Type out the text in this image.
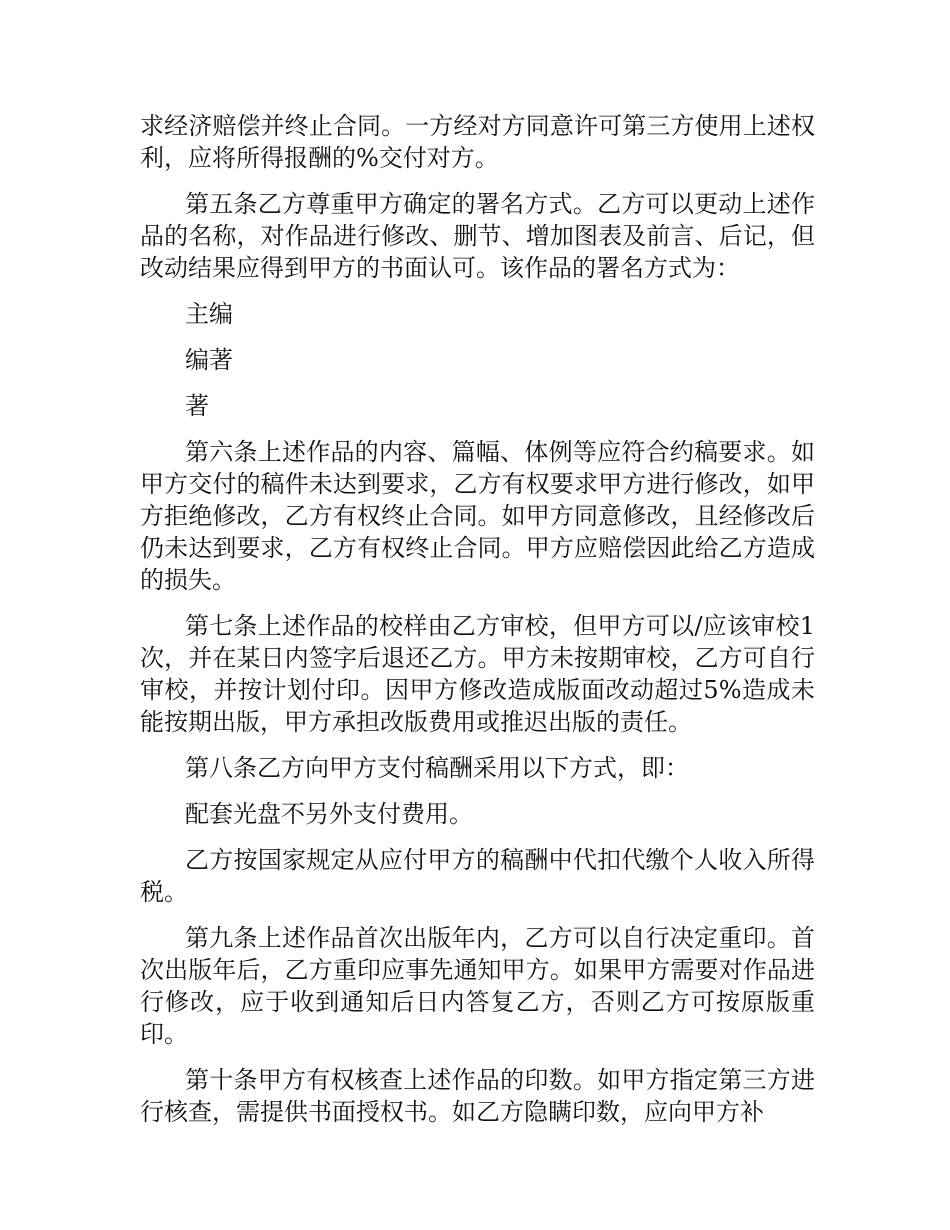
求经济赔偿并终止合同。一方经对方同意许可第三方使用上述权利，应将所得报酬的%交付对方。

第五条乙方尊重甲方确定的署名方式。乙方可以更动上述作品的名称，对作品进行修改、删节、增加图表及前言、后记，但改动结果应得到甲方的书面认可。该作品的署名方式为：

主编

编著

著

第六条上述作品的内容、篇幅、体例等应符合约稿要求。如甲方交付的稿件未达到要求，乙方有权要求甲方进行修改，如甲方拒绝修改，乙方有权终止合同。如甲方同意修改，且经修改后仍未达到要求，乙方有权终止合同。甲方应赔偿因此给乙方造成的损失。

第七条上述作品的校样由乙方审校，但甲方可以/应该审校1次，并在某日内签字后退还乙方。甲方未按期审校，乙方可自行审校，并按计划付印。因甲方修改造成版面改动超过5%造成未能按期出版，甲方承担改版费用或推迟出版的责任。

第八条乙方向甲方支付稿酬采用以下方式，即：

配套光盘不另外支付费用。

乙方按国家规定从应付甲方的稿酬中代扣代缴个人收入所得税。

第九条上述作品首次出版年内，乙方可以自行决定重印。首次出版年后，乙方重印应事先通知甲方。如果甲方需要对作品进行修改，应于收到通知后日内答复乙方，否则乙方可按原版重印。

第十条甲方有权核查上述作品的印数。如甲方指定第三方进行核查，需提供书面授权书。如乙方隐瞒印数，应向甲方补
